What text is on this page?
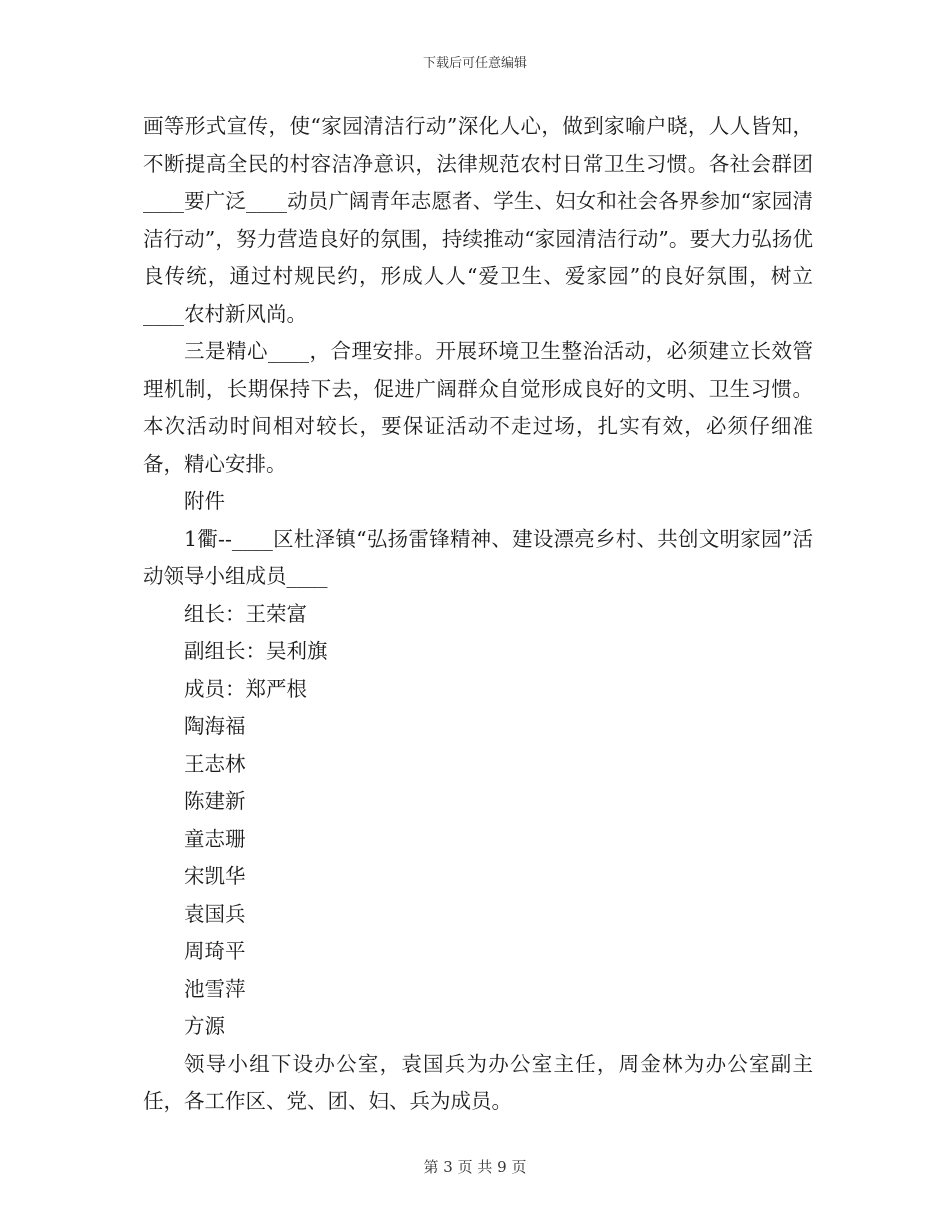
下载后可任意编辑

画等形式宣传，使“家园清洁行动”深化人心，做到家喻户晓，人人皆知，不断提高全民的村容洁净意识，法律规范农村日常卫生习惯。各社会群团____要广泛____动员广阔青年志愿者、学生、妇女和社会各界参加“家园清洁行动”，努力营造良好的氛围，持续推动“家园清洁行动”。要大力弘扬优良传统，通过村规民约，形成人人“爱卫生、爱家园”的良好氛围，树立____农村新风尚。

三是精心____，合理安排。开展环境卫生整治活动，必须建立长效管理机制，长期保持下去，促进广阔群众自觉形成良好的文明、卫生习惯。本次活动时间相对较长，要保证活动不走过场，扎实有效，必须仔细准备，精心安排。

附件

1衢--____区杜泽镇“弘扬雷锋精神、建设漂亮乡村、共创文明家园”活动领导小组成员____

组长：王荣富

副组长：吴利旗

成员：郑严根

陶海福

王志林

陈建新

童志珊

宋凯华

袁国兵

周琦平

池雪萍

方源

领导小组下设办公室，袁国兵为办公室主任，周金林为办公室副主任，各工作区、党、团、妇、兵为成员。

第 3 页 共 9 页
